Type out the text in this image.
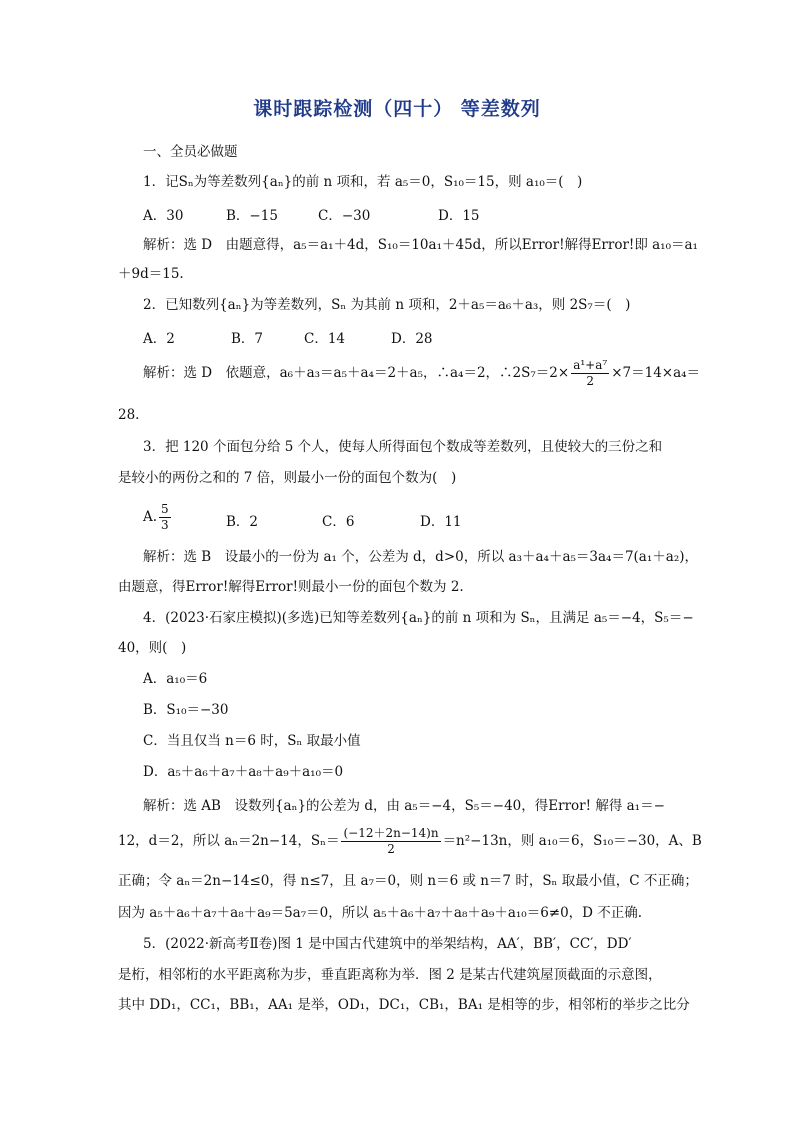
课时跟踪检测（四十） 等差数列
一、全员必做题
1．记Sₙ为等差数列{aₙ}的前 n 项和，若 a₅＝0，S₁₀＝15，则 a₁₀＝(　)
A．30	B．−15	C．−30	D．15
解析：选 D　由题意得，a₅＝a₁＋4d，S₁₀＝10a₁＋45d，所以Error!解得Error!即 a₁₀＝a₁
＋9d＝15.
2．已知数列{aₙ}为等差数列，Sₙ 为其前 n 项和，2＋a₅＝a₆＋a₃，则 2S₇＝(　)
A．2	B．7	C．14	D．28
解析：选 D　依题意，a₆＋a₃＝a₅＋a₄＝2＋a₅，∴a₄＝2，∴2S₇＝2× $\frac{\text{a¹+a⁷}}{2} \times 7=14\times a_4=$
28.
3．把 120 个面包分给 5 个人，使每人所得面包个数成等差数列，且使较大的三份之和
是较小的两份之和的 7 倍，则最小一份的面包个数为(　)
A. $\frac{5}{3}$	B．2	C．6	D．11
解析：选 B　设最小的一份为 a₁ 个，公差为 d，d>0，所以 a₃＋a₄＋a₅＝3a₄＝7(a₁＋a₂)，
由题意，得Error!解得Error!则最小一份的面包个数为 2.
4．(2023·石家庄模拟)(多选)已知等差数列{aₙ}的前 n 项和为 Sₙ，且满足 a₅＝−4，S₅＝−
40，则(　)
A．a₁₀＝6
B．S₁₀＝−30
C．当且仅当 n＝6 时，Sₙ 取最小值
D．a₅＋a₆＋a₇＋a₈＋a₉＋a₁₀＝0
解析：选 AB　设数列{aₙ}的公差为 d，由 a₅＝−4，S₅＝−40，得Error! 解得 a₁＝−
12，d＝2，所以 aₙ＝2n−14，$S_n= \frac{(-12+2n-14)n}{2} =n^2-13n$，则 a₁₀＝6，S₁₀＝−30，A、B
正确；令 aₙ＝2n−14≤0，得 n≤7，且 a₇＝0，则 n＝6 或 n＝7 时，Sₙ 取最小值，C 不正确；
因为 a₅＋a₆＋a₇＋a₈＋a₉＝5a₇＝0，所以 a₅＋a₆＋a₇＋a₈＋a₉＋a₁₀＝6≠0，D 不正确.
5．(2022·新高考Ⅱ卷)图 1 是中国古代建筑中的举架结构，AA′，BB′，CC′，DD′
是桁，相邻桁的水平距离称为步，垂直距离称为举．图 2 是某古代建筑屋顶截面的示意图，
其中 DD₁，CC₁，BB₁，AA₁ 是举，OD₁，DC₁，CB₁，BA₁ 是相等的步，相邻桁的举步之比分
